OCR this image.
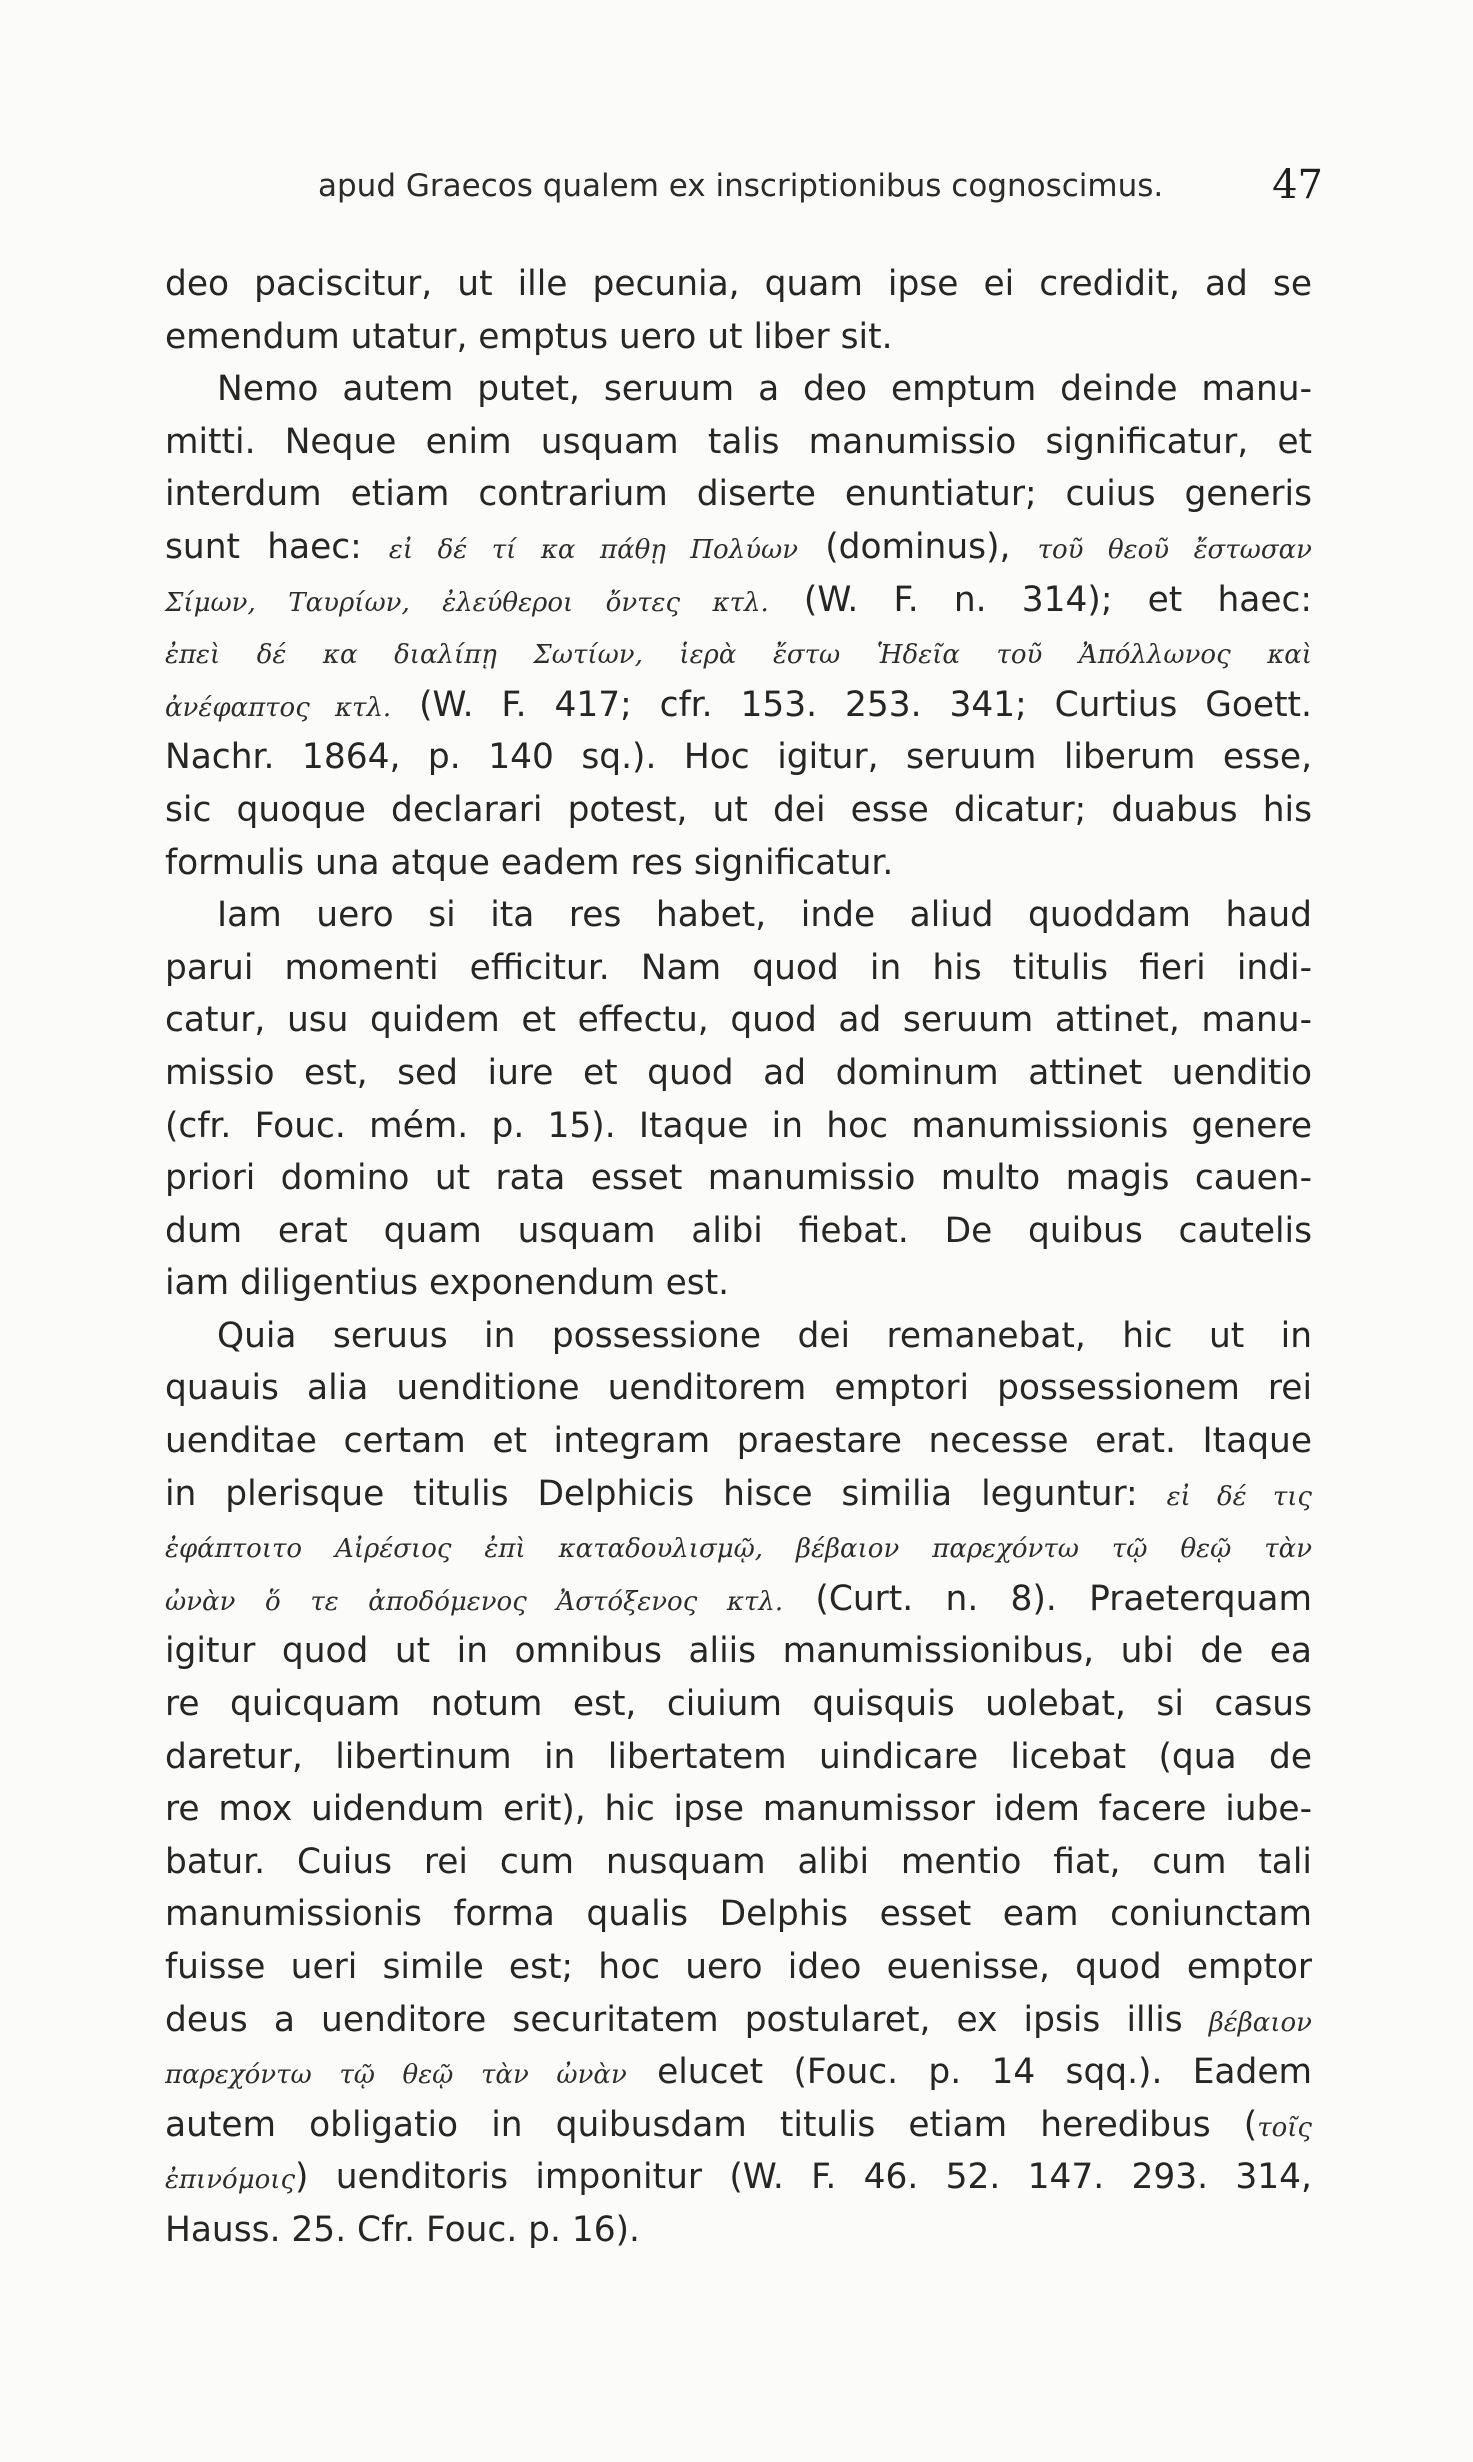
apud Graecos qualem ex inscriptionibus cognoscimus.	47
deo paciscitur, ut ille pecunia, quam ipse ei credidit, ad se
emendum utatur, emptus uero ut liber sit.
Nemo autem putet, seruum a deo emptum deinde manu-
mitti. Neque enim usquam talis manumissio significatur, et
interdum etiam contrarium diserte enuntiatur; cuius generis
sunt haec: εἰ δέ τί κα πάθῃ Πολύων (dominus), τοῦ θεοῦ ἔστωσαν
Σίμων, Ταυρίων, ἐλεύθεροι ὄντες κτλ. (W. F. n. 314); et haec:
ἐπεὶ δέ κα διαλίπῃ Σωτίων, ἱερὰ ἔστω Ἡδεῖα τοῦ Ἀπόλλωνος καὶ
ἀνέφαπτος κτλ. (W. F. 417; cfr. 153. 253. 341; Curtius Goett.
Nachr. 1864, p. 140 sq.). Hoc igitur, seruum liberum esse,
sic quoque declarari potest, ut dei esse dicatur; duabus his
formulis una atque eadem res significatur.
Iam uero si ita res habet, inde aliud quoddam haud
parui momenti efficitur. Nam quod in his titulis fieri indi-
catur, usu quidem et effectu, quod ad seruum attinet, manu-
missio est, sed iure et quod ad dominum attinet uenditio
(cfr. Fouc. mém. p. 15). Itaque in hoc manumissionis genere
priori domino ut rata esset manumissio multo magis cauen-
dum erat quam usquam alibi fiebat. De quibus cautelis
iam diligentius exponendum est.
Quia seruus in possessione dei remanebat, hic ut in
quauis alia uenditione uenditorem emptori possessionem rei
uenditae certam et integram praestare necesse erat. Itaque
in plerisque titulis Delphicis hisce similia leguntur: εἰ δέ τις
ἐφάπτοιτο Αἰρέσιος ἐπὶ καταδουλισμῷ, βέβαιον παρεχόντω τῷ θεῷ τὰν
ὠνὰν ὅ τε ἀποδόμενος Ἀστόξενος κτλ. (Curt. n. 8). Praeterquam
igitur quod ut in omnibus aliis manumissionibus, ubi de ea
re quicquam notum est, ciuium quisquis uolebat, si casus
daretur, libertinum in libertatem uindicare licebat (qua de
re mox uidendum erit), hic ipse manumissor idem facere iube-
batur. Cuius rei cum nusquam alibi mentio fiat, cum tali
manumissionis forma qualis Delphis esset eam coniunctam
fuisse ueri simile est; hoc uero ideo euenisse, quod emptor
deus a uenditore securitatem postularet, ex ipsis illis βέβαιον
παρεχόντω τῷ θεῷ τὰν ὠνὰν elucet (Fouc. p. 14 sqq.). Eadem
autem obligatio in quibusdam titulis etiam heredibus (τοῖς
ἐπινόμοις) uenditoris imponitur (W. F. 46. 52. 147. 293. 314,
Hauss. 25. Cfr. Fouc. p. 16).
